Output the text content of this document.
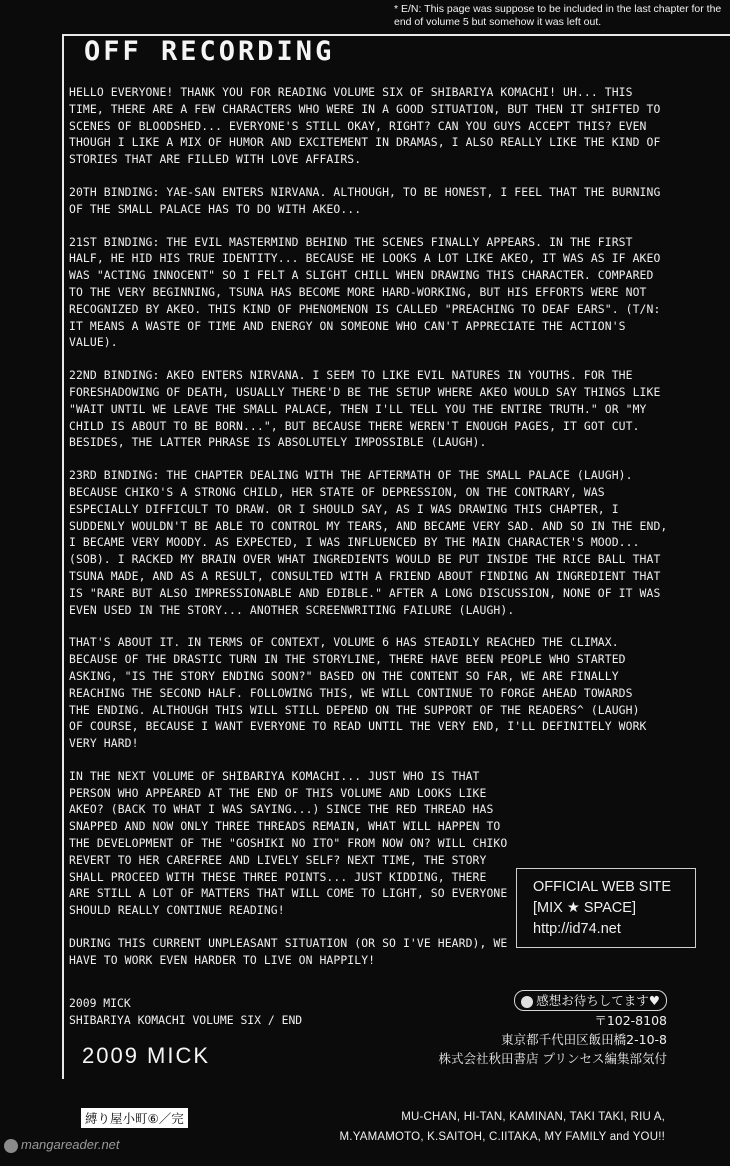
* E/N: This page was suppose to be included in the last chapter for the end of volume 5 but somehow it was left out.
OFF RECORDING

HELLO EVERYONE! THANK YOU FOR READING VOLUME SIX OF SHIBARIYA KOMACHI! UH... THIS TIME, THERE ARE A FEW CHARACTERS WHO WERE IN A GOOD SITUATION, BUT THEN IT SHIFTED TO SCENES OF BLOODSHED... EVERYONE'S STILL OKAY, RIGHT? CAN YOU GUYS ACCEPT THIS? EVEN THOUGH I LIKE A MIX OF HUMOR AND EXCITEMENT IN DRAMAS, I ALSO REALLY LIKE THE KIND OF STORIES THAT ARE FILLED WITH LOVE AFFAIRS.

20TH BINDING: YAE-SAN ENTERS NIRVANA. ALTHOUGH, TO BE HONEST, I FEEL THAT THE BURNING OF THE SMALL PALACE HAS TO DO WITH AKEO...

21ST BINDING: THE EVIL MASTERMIND BEHIND THE SCENES FINALLY APPEARS. IN THE FIRST HALF, HE HID HIS TRUE IDENTITY... BECAUSE HE LOOKS A LOT LIKE AKEO, IT WAS AS IF AKEO WAS "ACTING INNOCENT" SO I FELT A SLIGHT CHILL WHEN DRAWING THIS CHARACTER. COMPARED TO THE VERY BEGINNING, TSUNA HAS BECOME MORE HARD-WORKING, BUT HIS EFFORTS WERE NOT RECOGNIZED BY AKEO. THIS KIND OF PHENOMENON IS CALLED "PREACHING TO DEAF EARS". (T/N: IT MEANS A WASTE OF TIME AND ENERGY ON SOMEONE WHO CAN'T APPRECIATE THE ACTION'S VALUE).

22ND BINDING: AKEO ENTERS NIRVANA. I SEEM TO LIKE EVIL NATURES IN YOUTHS. FOR THE FORESHADOWING OF DEATH, USUALLY THERE'D BE THE SETUP WHERE AKEO WOULD SAY THINGS LIKE "WAIT UNTIL WE LEAVE THE SMALL PALACE, THEN I'LL TELL YOU THE ENTIRE TRUTH." OR "MY CHILD IS ABOUT TO BE BORN...", BUT BECAUSE THERE WEREN'T ENOUGH PAGES, IT GOT CUT. BESIDES, THE LATTER PHRASE IS ABSOLUTELY IMPOSSIBLE (LAUGH).

23RD BINDING: THE CHAPTER DEALING WITH THE AFTERMATH OF THE SMALL PALACE (LAUGH). BECAUSE CHIKO'S A STRONG CHILD, HER STATE OF DEPRESSION, ON THE CONTRARY, WAS ESPECIALLY DIFFICULT TO DRAW. OR I SHOULD SAY, AS I WAS DRAWING THIS CHAPTER, I SUDDENLY WOULDN'T BE ABLE TO CONTROL MY TEARS, AND BECAME VERY SAD. AND SO IN THE END, I BECAME VERY MOODY. AS EXPECTED, I WAS INFLUENCED BY THE MAIN CHARACTER'S MOOD... (SOB). I RACKED MY BRAIN OVER WHAT INGREDIENTS WOULD BE PUT INSIDE THE RICE BALL THAT TSUNA MADE, AND AS A RESULT, CONSULTED WITH A FRIEND ABOUT FINDING AN INGREDIENT THAT IS "RARE BUT ALSO IMPRESSIONABLE AND EDIBLE." AFTER A LONG DISCUSSION, NONE OF IT WAS EVEN USED IN THE STORY... ANOTHER SCREENWRITING FAILURE (LAUGH).

THAT'S ABOUT IT. IN TERMS OF CONTEXT, VOLUME 6 HAS STEADILY REACHED THE CLIMAX. BECAUSE OF THE DRASTIC TURN IN THE STORYLINE, THERE HAVE BEEN PEOPLE WHO STARTED ASKING, "IS THE STORY ENDING SOON?" BASED ON THE CONTENT SO FAR, WE ARE FINALLY REACHING THE SECOND HALF. FOLLOWING THIS, WE WILL CONTINUE TO FORGE AHEAD TOWARDS THE ENDING. ALTHOUGH THIS WILL STILL DEPEND ON THE SUPPORT OF THE READERS^ (LAUGH) OF COURSE, BECAUSE I WANT EVERYONE TO READ UNTIL THE VERY END, I'LL DEFINITELY WORK VERY HARD!

IN THE NEXT VOLUME OF SHIBARIYA KOMACHI... JUST WHO IS THAT PERSON WHO APPEARED AT THE END OF THIS VOLUME AND LOOKS LIKE AKEO? (BACK TO WHAT I WAS SAYING...) SINCE THE RED THREAD HAS SNAPPED AND NOW ONLY THREE THREADS REMAIN, WHAT WILL HAPPEN TO THE DEVELOPMENT OF THE "GOSHIKI NO ITO" FROM NOW ON? WILL CHIKO REVERT TO HER CAREFREE AND LIVELY SELF? NEXT TIME, THE STORY SHALL PROCEED WITH THESE THREE POINTS... JUST KIDDING, THERE ARE STILL A LOT OF MATTERS THAT WILL COME TO LIGHT, SO EVERYONE SHOULD REALLY CONTINUE READING!

DURING THIS CURRENT UNPLEASANT SITUATION (OR SO I'VE HEARD), WE HAVE TO WORK EVEN HARDER TO LIVE ON HAPPILY!

2009 MICK
SHIBARIYA KOMACHI VOLUME SIX / END
2009 MICK
OFFICIAL WEB SITE
[MIX ★ SPACE]
http://id74.net
感想お待ちしてます♥
〒102-8108
東京都千代田区飯田橋2-10-8
株式会社秋田書店 プリンセス編集部気付
縛り屋小町⑥／完	MU-CHAN, HI-TAN, KAMINAN, TAKI TAKI, RIU A,
M.YAMAMOTO, K.SAITOH, C.IITAKA, MY FAMILY and YOU!!
mangareader.net
